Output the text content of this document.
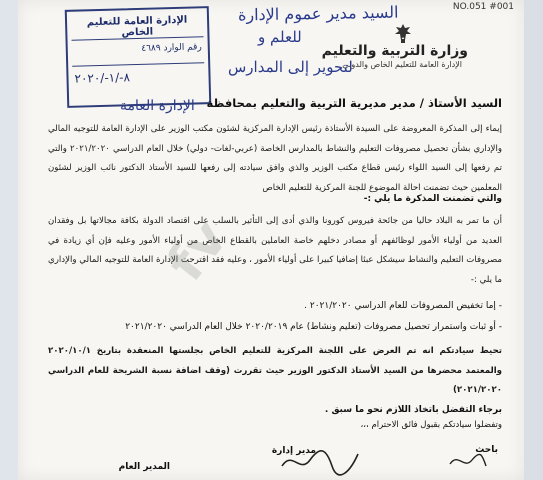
NO.051 #001
وزارة التربية والتعليم
الإدارة العامة للتعليم الخاص والدولي
الإدارة العامة للتعليم الخاص
رقم الوارد ٤٦٨٩
٨-/١-/٢٠٢٠
السيد مدير عموم الإدارة
للعلم و
لتحوير إلى المدارس
الإدارة العامة السيد الأستاذ / مدير مديرية التربية والتعليم بمحافظة
إيماء إلى المذكرة المعروضة على السيدة الأستاذة رئيس الإدارة المركزية لشئون مكتب الوزير على الإدارة العامة للتوجيه المالي والإداري بشأن تحصيل مصروفات التعليم والنشاط بالمدارس الخاصة (عربي-لغات- دولي) خلال العام الدراسي ٢٠٢١/٢٠٢٠ والتي تم رفعها إلى السيد اللواء رئيس قطاع مكتب الوزير والذي وافق سيادته إلى رفعها للسيد الأستاذ الدكتور نائب الوزير لشئون المعلمين حيث تضمنت احالة الموضوع للجنة المركزية للتعليم الخاص
والتي تضمنت المذكرة ما يلي :-
أن ما تمر به البلاد حاليا من جائحة فيروس كورونا والذي أدى إلى التأثير بالسلب على اقتصاد الدولة بكافة مجالاتها بل وفقدان العديد من أولياء الأمور لوظائفهم أو مصادر دخلهم خاصة العاملين بالقطاع الخاص من أولياء الأمور وعليه فإن أي زيادة في مصروفات التعليم والنشاط سيشكل عبئا إضافيا كبيرا على أولياء الأمور ، وعليه فقد اقترحت الإدارة العامة للتوجيه المالي والإداري ما يلي :-
- إما تخفيض المصروفات للعام الدراسي ٢٠٢١/٢٠٢٠ .
- أو ثبات واستمرار تحصيل مصروفات (تعليم ونشاط) عام ٢٠٢٠/٢٠١٩ خلال العام الدراسي ٢٠٢١/٢٠٢٠
تحيط سيادتكم انه تم العرض على اللجنة المركزية للتعليم الخاص بجلستها المنعقدة بتاريخ ٢٠٢٠/١٠/١ والمعتمد محضرها من السيد الأستاذ الدكتور الوزير حيث تقررت (وقف اضافة نسبة الشريحة للعام الدراسي ٢٠٢١/٢٠٢٠)
برجاء التفضل باتخاذ اللازم نحو ما سبق .
وتفضلوا سيادتكم بقبول فائق الاحترام ،،،
باحث
مدير إدارة
المدير العام
fv
